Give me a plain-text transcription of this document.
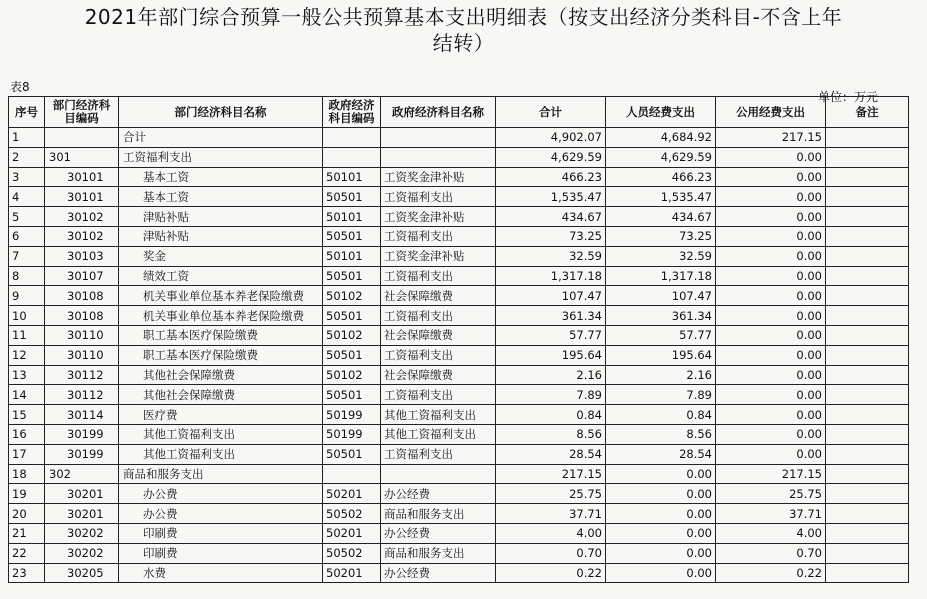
2021年部门综合预算一般公共预算基本支出明细表（按支出经济分类科目-不含上年
结转）
表8
单位：万元
序号	部门经济科目编码	部门经济科目名称	政府经济科目编码	政府经济科目名称	合计	人员经费支出	公用经费支出	备注
1		合计			4,902.07	4,684.92	217.15	
2	301	工资福利支出			4,629.59	4,629.59	0.00	
3	30101	基本工资	50101	工资奖金津补贴	466.23	466.23	0.00	
4	30101	基本工资	50501	工资福利支出	1,535.47	1,535.47	0.00	
5	30102	津贴补贴	50101	工资奖金津补贴	434.67	434.67	0.00	
6	30102	津贴补贴	50501	工资福利支出	73.25	73.25	0.00	
7	30103	奖金	50101	工资奖金津补贴	32.59	32.59	0.00	
8	30107	绩效工资	50501	工资福利支出	1,317.18	1,317.18	0.00	
9	30108	机关事业单位基本养老保险缴费	50102	社会保障缴费	107.47	107.47	0.00	
10	30108	机关事业单位基本养老保险缴费	50501	工资福利支出	361.34	361.34	0.00	
11	30110	职工基本医疗保险缴费	50102	社会保障缴费	57.77	57.77	0.00	
12	30110	职工基本医疗保险缴费	50501	工资福利支出	195.64	195.64	0.00	
13	30112	其他社会保障缴费	50102	社会保障缴费	2.16	2.16	0.00	
14	30112	其他社会保障缴费	50501	工资福利支出	7.89	7.89	0.00	
15	30114	医疗费	50199	其他工资福利支出	0.84	0.84	0.00	
16	30199	其他工资福利支出	50199	其他工资福利支出	8.56	8.56	0.00	
17	30199	其他工资福利支出	50501	工资福利支出	28.54	28.54	0.00	
18	302	商品和服务支出			217.15	0.00	217.15	
19	30201	办公费	50201	办公经费	25.75	0.00	25.75	
20	30201	办公费	50502	商品和服务支出	37.71	0.00	37.71	
21	30202	印刷费	50201	办公经费	4.00	0.00	4.00	
22	30202	印刷费	50502	商品和服务支出	0.70	0.00	0.70	
23	30205	水费	50201	办公经费	0.22	0.00	0.22	
